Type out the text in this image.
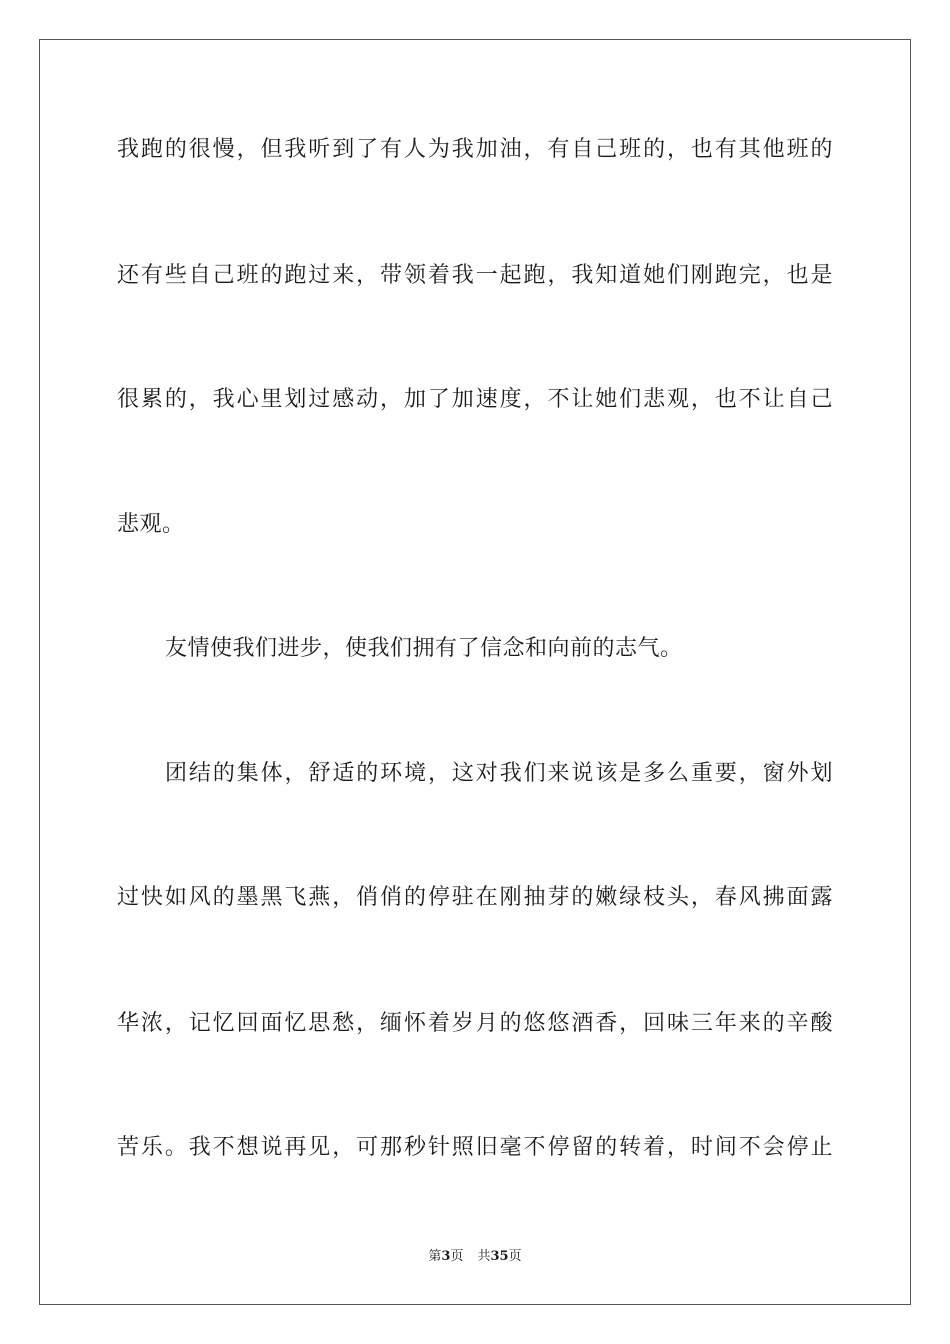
我跑的很慢，但我听到了有人为我加油，有自己班的，也有其他班的
还有些自己班的跑过来，带领着我一起跑，我知道她们刚跑完，也是
很累的，我心里划过感动，加了加速度，不让她们悲观，也不让自己
悲观。
友情使我们进步，使我们拥有了信念和向前的志气。
团结的集体，舒适的环境，这对我们来说该是多么重要，窗外划
过快如风的墨黑飞燕，俏俏的停驻在刚抽芽的嫩绿枝头，春风拂面露
华浓，记忆回面忆思愁，缅怀着岁月的悠悠酒香，回味三年来的辛酸
苦乐。我不想说再见，可那秒针照旧毫不停留的转着，时间不会停止
第3页 共35页
